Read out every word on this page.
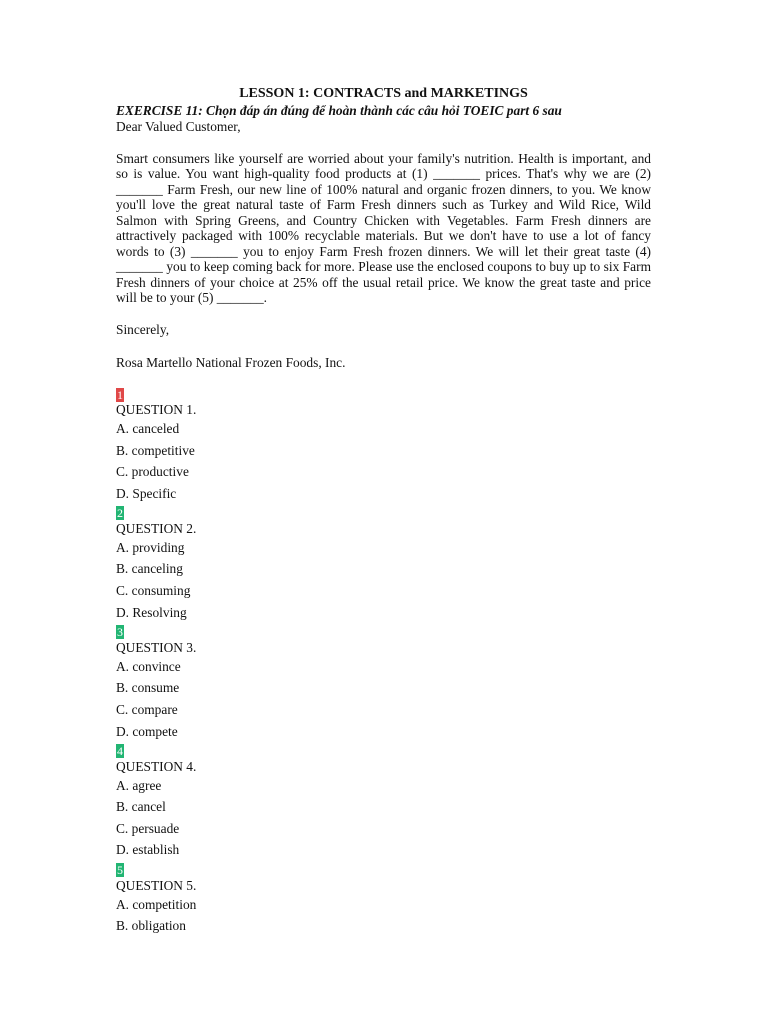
LESSON 1: CONTRACTS and MARKETINGS
EXERCISE 11: Chọn đáp án đúng để hoàn thành các câu hỏi TOEIC part 6 sau
Dear Valued Customer,
Smart consumers like yourself are worried about your family's nutrition. Health is important, and so is value. You want high-quality food products at (1) _______ prices. That's why we are (2) _______ Farm Fresh, our new line of 100% natural and organic frozen dinners, to you. We know you'll love the great natural taste of Farm Fresh dinners such as Turkey and Wild Rice, Wild Salmon with Spring Greens, and Country Chicken with Vegetables. Farm Fresh dinners are attractively packaged with 100% recyclable materials. But we don't have to use a lot of fancy words to (3) _______ you to enjoy Farm Fresh frozen dinners. We will let their great taste (4) _______ you to keep coming back for more. Please use the enclosed coupons to buy up to six Farm Fresh dinners of your choice at 25% off the usual retail price. We know the great taste and price will be to your (5) _______.
Sincerely,
Rosa Martello National Frozen Foods, Inc.
1
QUESTION 1.
A. canceled
B. competitive
C. productive
D. Specific
2
QUESTION 2.
A. providing
B. canceling
C. consuming
D. Resolving
3
QUESTION 3.
A. convince
B. consume
C. compare
D. compete
4
QUESTION 4.
A. agree
B. cancel
C. persuade
D. establish
5
QUESTION 5.
A. competition
B. obligation
